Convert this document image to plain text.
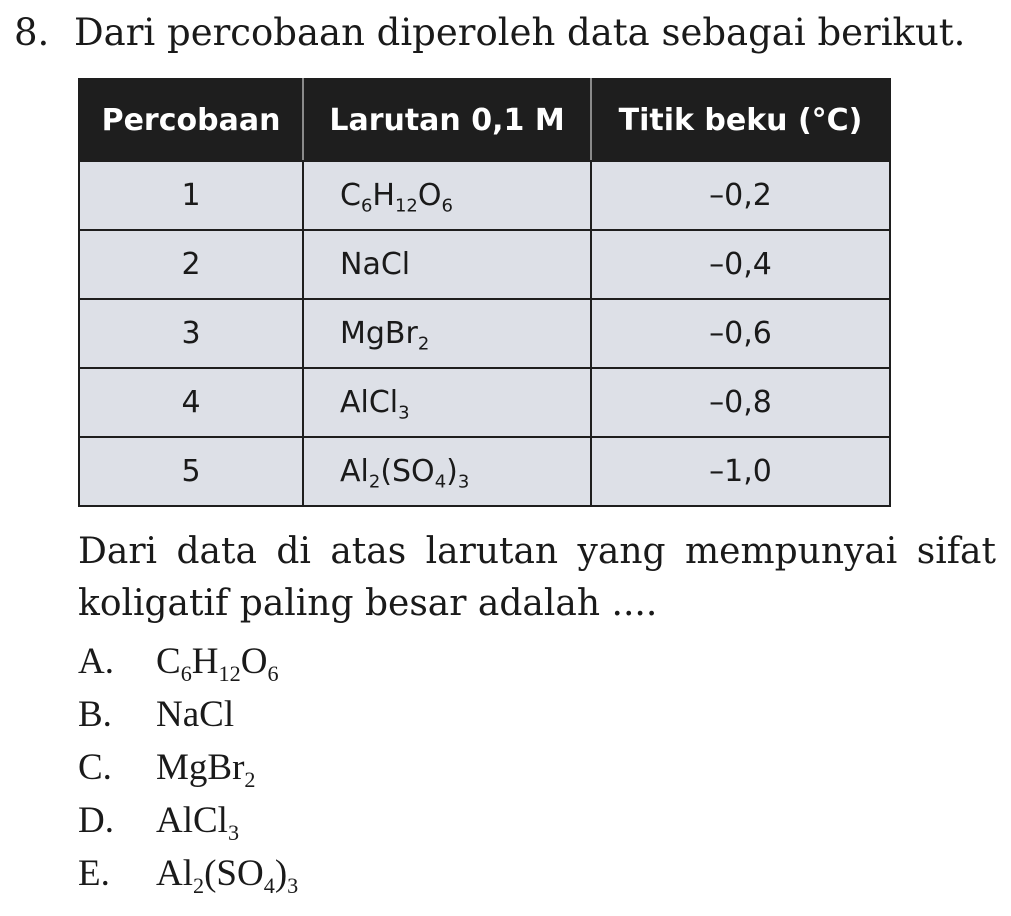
8. Dari percobaan diperoleh data sebagai berikut.
Percobaan	Larutan 0,1 M	Titik beku (°C)
1	$C_6H_{12}O_6$	–0,2
2	NaCl	–0,4
3	MgBr$_2$	–0,6
4	AlCl$_3$	–0,8
5	$Al_2(SO_4)_3$	–1,0
Dari data di atas larutan yang mempunyai sifat koligatif paling besar adalah ....
A. $C_6H_{12}O_6$
B. NaCl
C. MgBr$_2$
D. AlCl$_3$
E. $Al_2(SO_4)_3$
